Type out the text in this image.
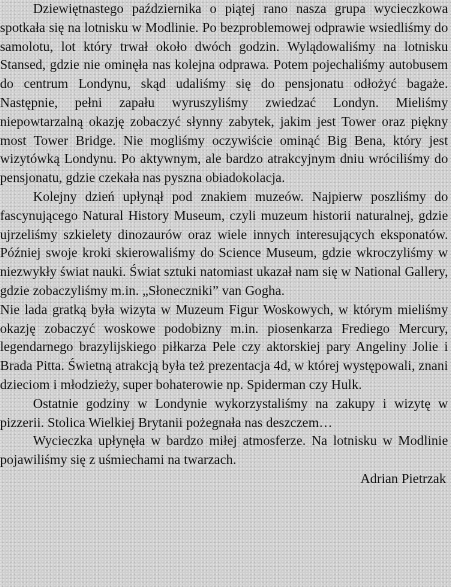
Dziewiętnastego października o piątej rano nasza grupa wycieczkowa spotkała się na lotnisku w Modlinie. Po bezproblemowej odprawie wsiedliśmy do samolotu, lot który trwał około dwóch godzin. Wylądowaliśmy na lotnisku Stansed, gdzie nie ominęła nas kolejna odprawa. Potem pojechaliśmy autobusem do centrum Londynu, skąd udaliśmy się do pensjonatu odłożyć bagaże. Następnie, pełni zapału wyruszyliśmy zwiedzać Londyn. Mieliśmy niepowtarzalną okazję zobaczyć słynny zabytek, jakim jest Tower oraz piękny most Tower Bridge. Nie mogliśmy oczywiście ominąć Big Bena, który jest wizytówką Londynu. Po aktywnym, ale bardzo atrakcyjnym dniu wróciliśmy do pensjonatu, gdzie czekała nas pyszna obiadokolacja.

Kolejny dzień upłynął pod znakiem muzeów. Najpierw poszliśmy do fascynującego Natural History Museum, czyli muzeum historii naturalnej, gdzie ujrzeliśmy szkielety dinozaurów oraz wiele innych interesujących eksponatów. Później swoje kroki skierowaliśmy do Science Museum, gdzie wkroczyliśmy w niezwykły świat nauki. Świat sztuki natomiast ukazał nam się w National Gallery, gdzie zobaczyliśmy m.in. „Słoneczniki” van Gogha.

Nie lada gratką była wizyta w Muzeum Figur Woskowych, w którym mieliśmy okazję zobaczyć woskowe podobizny m.in. piosenkarza Frediego Mercury, legendarnego brazylijskiego piłkarza Pele czy aktorskiej pary Angeliny Jolie i Brada Pitta. Świetną atrakcją była też prezentacja 4d, w której występowali, znani dzieciom i młodzieży, super bohaterowie np. Spiderman czy Hulk.

Ostatnie godziny w Londynie wykorzystaliśmy na zakupy i wizytę w pizzerii. Stolica Wielkiej Brytanii pożegnała nas deszczem…

Wycieczka upłynęła w bardzo miłej atmosferze. Na lotnisku w Modlinie pojawiliśmy się z uśmiechami na twarzach.

Adrian Pietrzak
